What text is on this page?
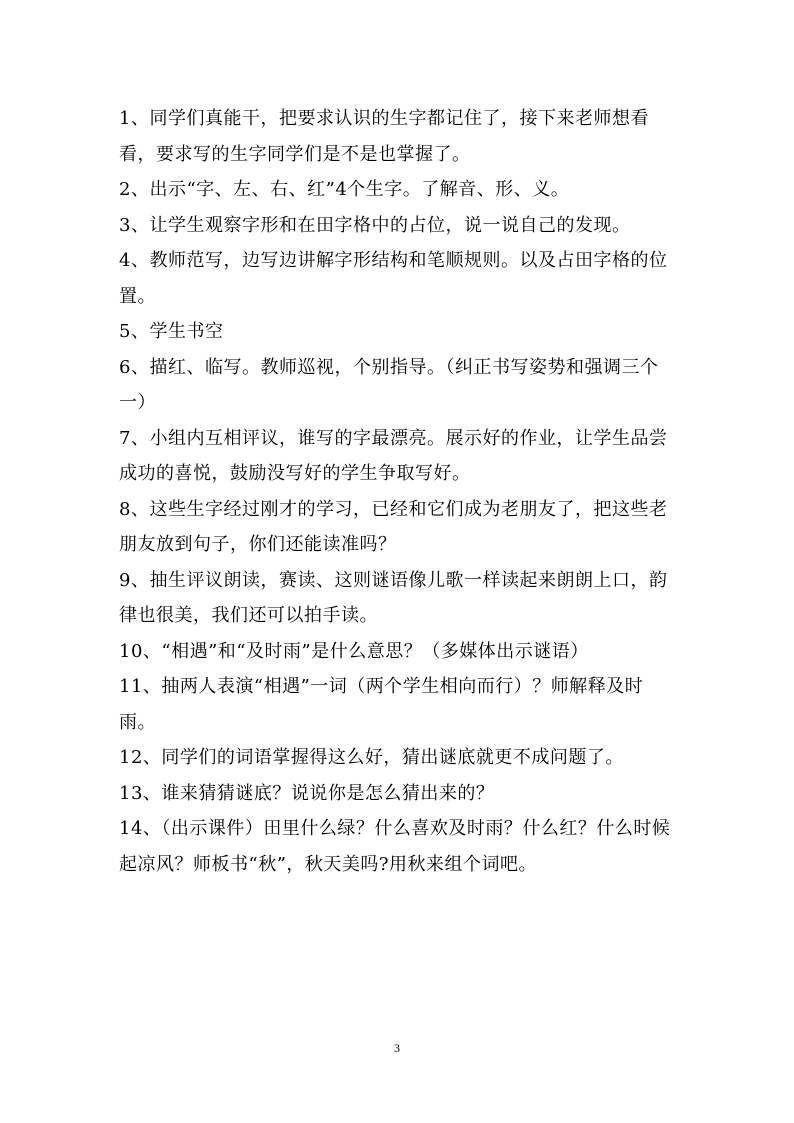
1、同学们真能干，把要求认识的生字都记住了，接下来老师想看看，要求写的生字同学们是不是也掌握了。

2、出示“字、左、右、红”4个生字。了解音、形、义。

3、让学生观察字形和在田字格中的占位，说一说自己的发现。

4、教师范写，边写边讲解字形结构和笔顺规则。以及占田字格的位置。

5、学生书空

6、描红、临写。教师巡视，个别指导。（纠正书写姿势和强调三个一）

7、小组内互相评议，谁写的字最漂亮。展示好的作业，让学生品尝成功的喜悦，鼓励没写好的学生争取写好。

8、这些生字经过刚才的学习，已经和它们成为老朋友了，把这些老朋友放到句子，你们还能读准吗？

9、抽生评议朗读，赛读、这则谜语像儿歌一样读起来朗朗上口，韵律也很美，我们还可以拍手读。

10、“相遇”和“及时雨”是什么意思？（多媒体出示谜语）

11、抽两人表演“相遇”一词（两个学生相向而行）？师解释及时雨。

12、同学们的词语掌握得这么好，猜出谜底就更不成问题了。

13、谁来猜猜谜底？说说你是怎么猜出来的？

14、（出示课件）田里什么绿？什么喜欢及时雨？什么红？什么时候起凉风？师板书“秋”，秋天美吗?用秋来组个词吧。

3
